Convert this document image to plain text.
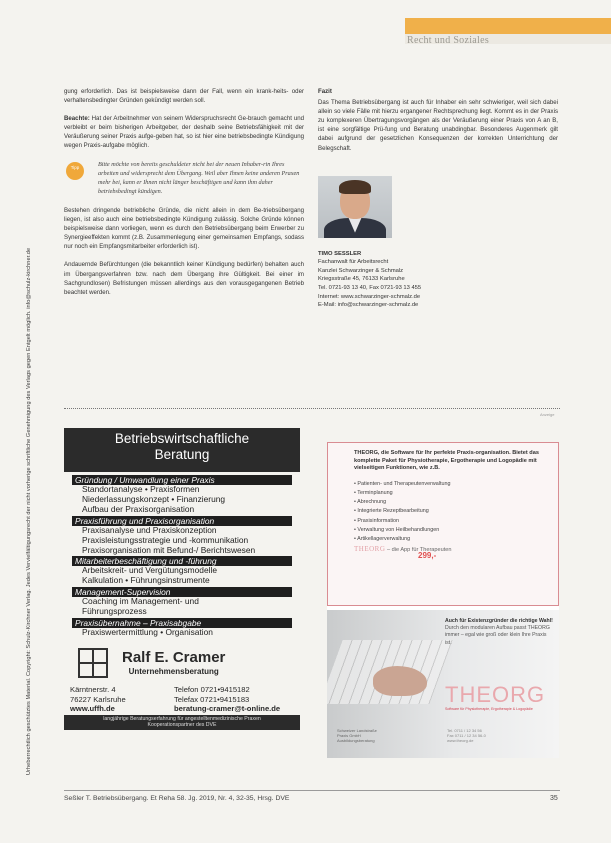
Urheberrechtlich geschütztes Material. Copyright: Schulz-Kirchner Verlag. Jedes Vervielfältigungsrecht der nicht vorherige schriftliche Genehmigung des Verlags gegen Entgelt möglich. info@schulz-kirchner.de
Recht und Soziales

gung erforderlich. Das ist beispielsweise dann der Fall, wenn ein krank-heits- oder verhaltensbedingter Gründen gekündigt werden soll.

Beachte: Hat der Arbeitnehmer von seinem Widerspruchsrecht Ge-brauch gemacht und verbleibt er beim bisherigen Arbeitgeber, der deshalb seine Betriebsfähigkeit mit der Veräußerung seiner Praxis aufge-geben hat, so ist hier eine betriebsbedingte Kündigung wegen Praxis-aufgabe möglich.

Tipp	Bitte möchte von bereits geschuldeter nicht bei der neuen Inhaber-rin Ihres arbeiten und widersprecht dem Übergang. Weil aber Ihnen keine anderen Praxen mehr bei, kann er Ihnen nicht länger beschäftigen und kann ihm daher betriebsbedingt kündigen.

Bestehen dringende betriebliche Gründe, die nicht allein in dem Be-triebsübergang liegen, ist also auch eine betriebsbedingte Kündigung zulässig. Solche Gründe können beispielsweise dann vorliegen, wenn es durch den Betriebsübergang beim Erwerber zu Synergieeffekten kommt (z.B. Zusammenlegung einer gemeinsamen Empfangs, sodass nur noch ein Empfangsmitarbeiter erforderlich ist).

Andauernde Befürchtungen (die bekanntlich keiner Kündigung bedürfen) behalten auch im Übergangsverfahren bzw. nach dem Übergang ihre Gültigkeit. Bei einer im Sachgrundlosen) Befristungen müssen allerdings aus den vorausgegangenen Betrieb beachtet werden.

Fazit

Das Thema Betriebsübergang ist auch für Inhaber ein sehr schwieriger, weil sich dabei allein so viele Fälle mit hierzu ergangener Rechtsprechung liegt. Kommt es in der Praxis zu komplexeren Übertragungsvorgängen als der Veräußerung einer Praxis von A an B, ist eine sorgfältige Prü-fung und Beratung unabdingbar. Besonderes Augenmerk gilt dabei aufgrund der gesetzlichen Konsequenzen der korrekten Unterrichtung der Belegschaft.

TIMO SESSLER
Fachanwalt für Arbeitsrecht
Kanzlei Schwarzinger & Schmalz
Kriegsstraße 45, 76133 Karlsruhe
Tel. 0721-93 13 40, Fax 0721-93 13 455
Internet: www.schwarzinger-schmalz.de
E-Mail: info@schwarzinger-schmalz.de
Anzeige
Betriebswirtschaftliche
Beratung
Gründung / Umwandlung einer Praxis
Standortanalyse • Praxisformen
Niederlassungskonzept • Finanzierung
Aufbau der Praxisorganisation
Praxisführung und Praxisorganisation
Praxisanalyse und Praxiskonzeption
Praxisleistungsstrategie und -kommunikation
Praxisorganisation mit Befund-/ Berichtswesen
Mitarbeiterbeschäftigung und -führung
Arbeitskreit- und Vergütungsmodelle
Kalkulation • Führungsinstrumente
Management-Supervision
Coaching im Management- und
Führungsprozess
Praxisübernahme – Praxisabgabe
Praxiswertermittlung • Organisation
Ralf E. Cramer
Unternehmensberatung
Kärntnerstr. 4	Telefon 0721•9415182
76227 Karlsruhe	Telefax 0721•9415183
www.uffh.de	beratung-cramer@t-online.de
langjährige Beratungserfahrung für angestelltenmedizinische Praxen
Kooperationspartner des DVE
THEORG, die Software für Ihr perfekte Praxis-organisation. Bietet das komplette Paket für Physiotherapie, Ergotherapie und Logopädie mit vielseitigen Funktionen, wie z.B.
• Patienten- und Therapeutenverwaltung
• Terminplanung
• Abrechnung
• Integrierte Rezeptbearbeitung
• Praxisinformation
• Verwaltung von Heilbehandlungen
• Artikellagerverwaltung
THEORG – die App für Therapeuten
299,-
Auch für Existenzgründer die richtige Wahl!
Durch den modularen Aufbau passt THEORG immer – egal wie groß oder klein Ihre Praxis ist.
THEORG
Software für Physiotherapie, Ergotherapie & Logopädie
Schweizer Landstraße
Praxis GmbH
Ausbildungsberatung
Tel. 0711 / 12 34 56
Fax 0711 / 12 34 56-0
www.theorg.de
Seßler T. Betriebsübergang. Et Reha 58. Jg. 2019, Nr. 4, 32-35, Hrsg. DVE	35
